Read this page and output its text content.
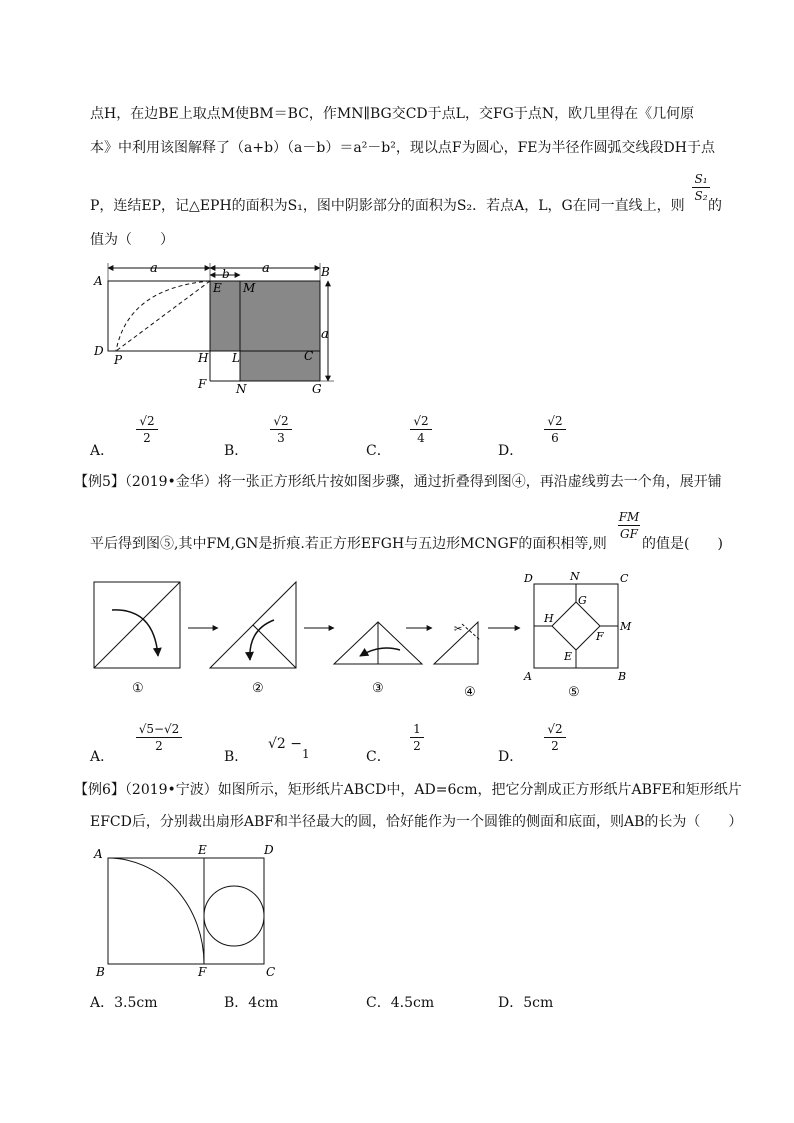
点H，在边BE上取点M使BM＝BC，作MN∥BG交CD于点L，交FG于点N，欧几里得在《几何原
本》中利用该图解释了（a+b）（a－b）＝a²－b²，现以点F为圆心，FE为半径作圆弧交线段DH于点
P，连结EP，记△EPH的面积为S₁，图中阴影部分的面积为S₂．若点A，L，G在同一直线上，则
S₁
S₂
的
值为（　　）
a	b a
a
A
B
C
D
E
F	G
H L
M
N
P
A．
√2
2
B．
√2
3
C．
√2
4
D．
√2
6
【例5】（2019•金华）将一张正方形纸片按如图步骤，通过折叠得到图④，再沿虚线剪去一个角，展开铺
平后得到图⑤,其中FM,GN是折痕.若正方形EFGH与五边形MCNGF的面积相等,则
FM
GF
的值是(　　)
✂
D	N	C
G
H
F
M
E
A	B
①	②	③	④	⑤
A．
√5−√2
2
B．
√2 −1	C．
1
2
D．
√2
2
【例6】（2019•宁波）如图所示，矩形纸片ABCD中，AD=6cm，把它分割成正方形纸片ABFE和矩形纸片
EFCD后，分别裁出扇形ABF和半径最大的圆，恰好能作为一个圆锥的侧面和底面，则AB的长为（　　）
A	E	D
B	F	C
A．3.5cm	B．4cm	C．4.5cm	D．5cm
